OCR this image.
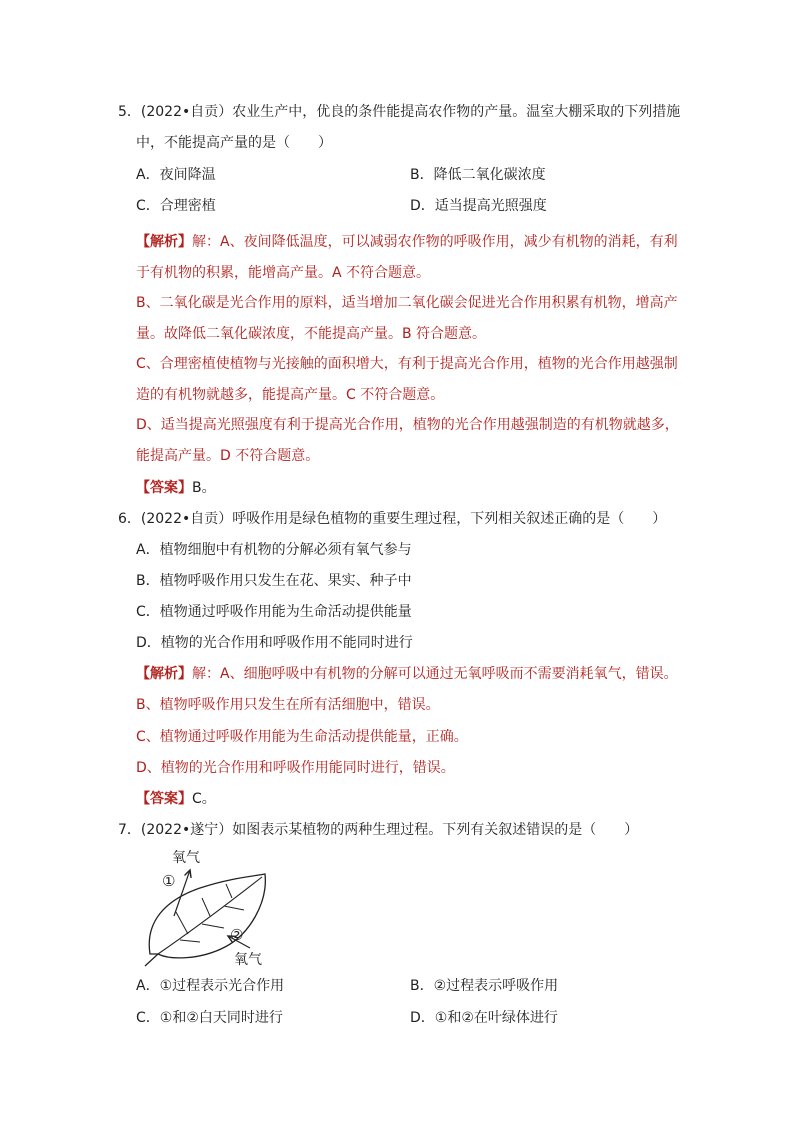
5．(2022•自贡）农业生产中，优良的条件能提高农作物的产量。温室大棚采取的下列措施
中，不能提高产量的是（　　）
A．夜间降温	B．降低二氧化碳浓度
C．合理密植	D．适当提高光照强度
【解析】解：A、夜间降低温度，可以减弱农作物的呼吸作用，减少有机物的消耗，有利
于有机物的积累，能增高产量。A 不符合题意。
B、二氧化碳是光合作用的原料，适当增加二氧化碳会促进光合作用积累有机物，增高产
量。故降低二氧化碳浓度，不能提高产量。B 符合题意。
C、合理密植使植物与光接触的面积增大，有利于提高光合作用，植物的光合作用越强制
造的有机物就越多，能提高产量。C 不符合题意。
D、适当提高光照强度有利于提高光合作用，植物的光合作用越强制造的有机物就越多，
能提高产量。D 不符合题意。
【答案】B。
6．(2022•自贡）呼吸作用是绿色植物的重要生理过程，下列相关叙述正确的是（　　）
A．植物细胞中有机物的分解必须有氧气参与
B．植物呼吸作用只发生在花、果实、种子中
C．植物通过呼吸作用能为生命活动提供能量
D．植物的光合作用和呼吸作用不能同时进行
【解析】解：A、细胞呼吸中有机物的分解可以通过无氧呼吸而不需要消耗氧气，错误。
B、植物呼吸作用只发生在所有活细胞中，错误。
C、植物通过呼吸作用能为生命活动提供能量，正确。
D、植物的光合作用和呼吸作用能同时进行，错误。
【答案】C。
7．(2022•遂宁）如图表示某植物的两种生理过程。下列有关叙述错误的是（　　）
氧气
①
②
氧气
A．①过程表示光合作用	B．②过程表示呼吸作用
C．①和②白天同时进行	D．①和②在叶绿体进行
